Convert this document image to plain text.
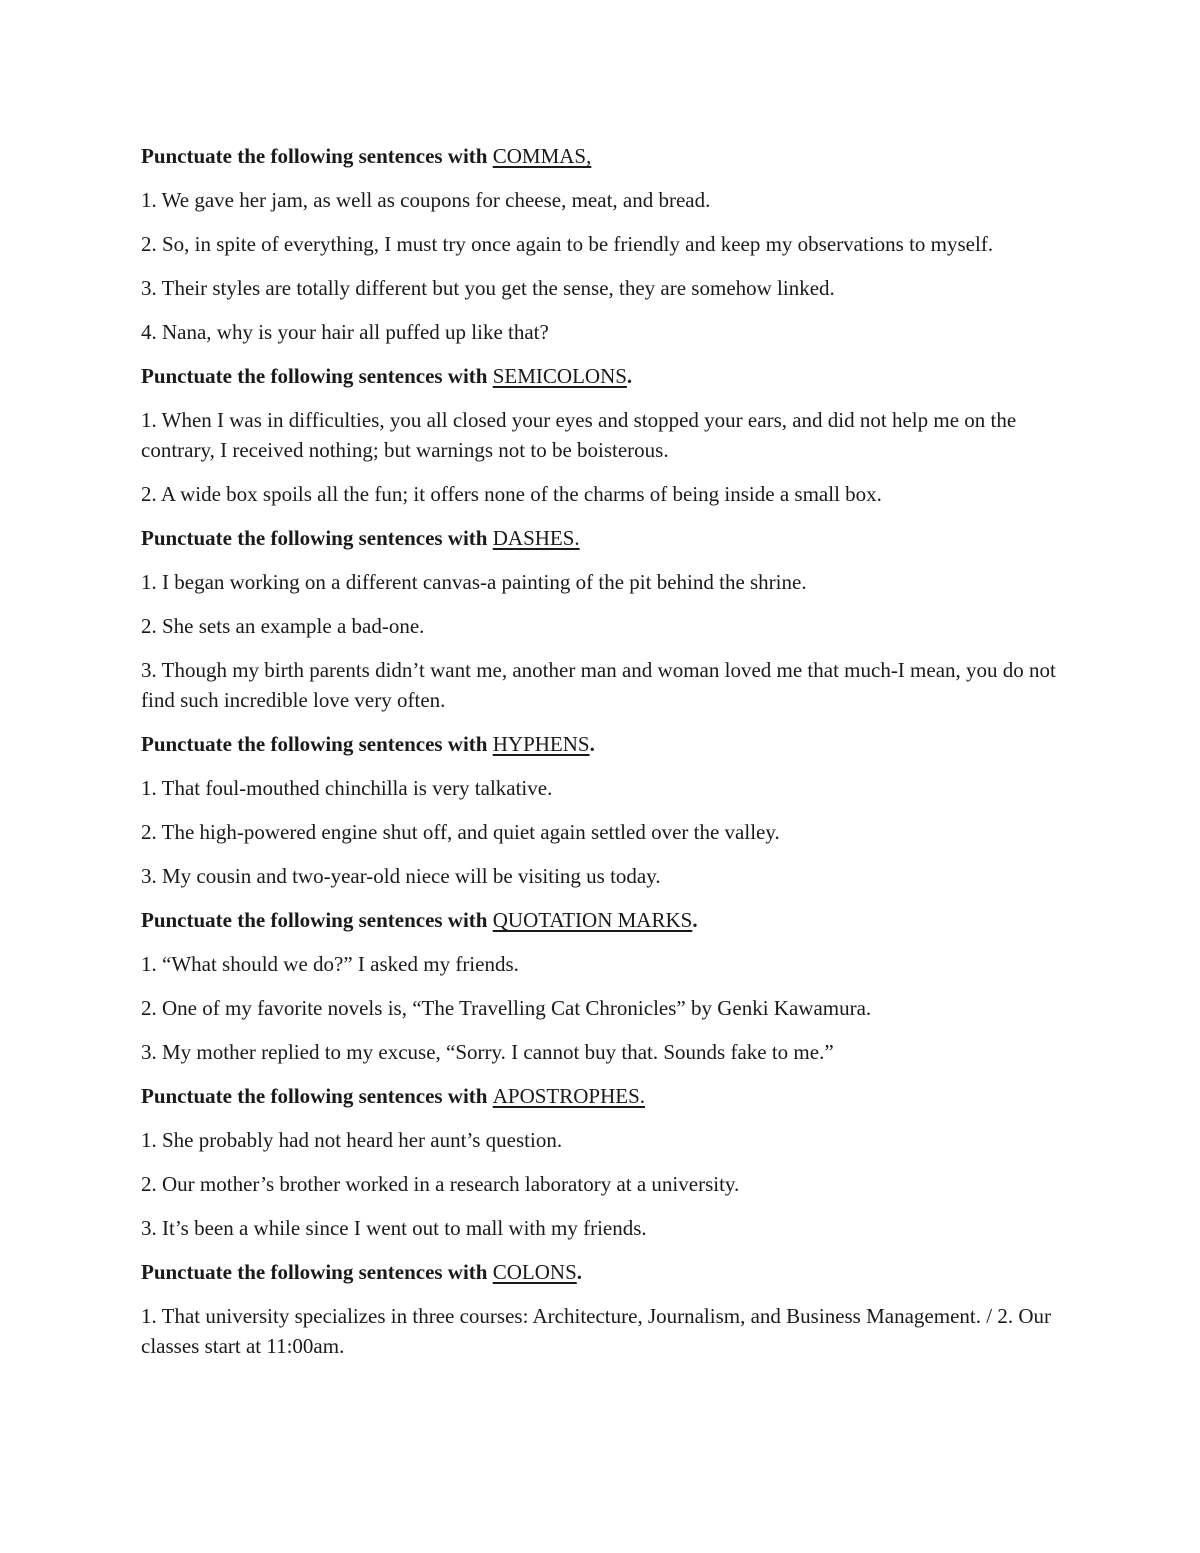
Punctuate the following sentences with COMMAS,

1. We gave her jam, as well as coupons for cheese, meat, and bread.

2. So, in spite of everything, I must try once again to be friendly and keep my observations to myself.

3. Their styles are totally different but you get the sense, they are somehow linked.

4. Nana, why is your hair all puffed up like that?

Punctuate the following sentences with SEMICOLONS.

1. When I was in difficulties, you all closed your eyes and stopped your ears, and did not help me on the contrary, I received nothing; but warnings not to be boisterous.

2. A wide box spoils all the fun; it offers none of the charms of being inside a small box.

Punctuate the following sentences with DASHES.

1. I began working on a different canvas-a painting of the pit behind the shrine.

2. She sets an example a bad-one.

3. Though my birth parents didn’t want me, another man and woman loved me that much-I mean, you do not find such incredible love very often.

Punctuate the following sentences with HYPHENS.

1. That foul-mouthed chinchilla is very talkative.

2. The high-powered engine shut off, and quiet again settled over the valley.

3. My cousin and two-year-old niece will be visiting us today.

Punctuate the following sentences with QUOTATION MARKS.

1. “What should we do?” I asked my friends.

2. One of my favorite novels is, “The Travelling Cat Chronicles” by Genki Kawamura.

3. My mother replied to my excuse, “Sorry. I cannot buy that. Sounds fake to me.”

Punctuate the following sentences with APOSTROPHES.

1. She probably had not heard her aunt’s question.

2. Our mother’s brother worked in a research laboratory at a university.

3. It’s been a while since I went out to mall with my friends.

Punctuate the following sentences with COLONS.

1. That university specializes in three courses: Architecture, Journalism, and Business Management. / 2. Our classes start at 11:00am.
